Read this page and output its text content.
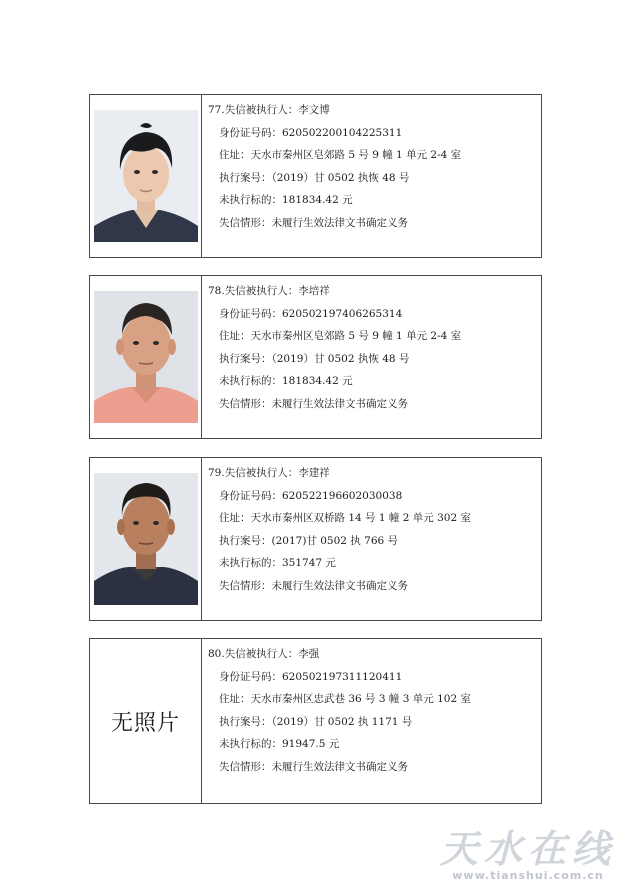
77.失信被执行人：李文博
身份证号码：620502200104225311
住址：天水市秦州区皂郊路 5 号 9 幢 1 单元 2-4 室
执行案号：（2019）甘 0502 执恢 48 号
未执行标的：181834.42 元
失信情形：未履行生效法律文书确定义务
78.失信被执行人：李培祥
身份证号码：620502197406265314
住址：天水市秦州区皂郊路 5 号 9 幢 1 单元 2-4 室
执行案号：（2019）甘 0502 执恢 48 号
未执行标的：181834.42 元
失信情形：未履行生效法律文书确定义务
79.失信被执行人：李建祥
身份证号码：620522196602030038
住址：天水市秦州区双桥路 14 号 1 幢 2 单元 302 室
执行案号：(2017)甘 0502 执 766 号
未执行标的：351747 元
失信情形：未履行生效法律文书确定义务
无照片
80.失信被执行人：李强
身份证号码：620502197311120411
住址：天水市秦州区忠武巷 36 号 3 幢 3 单元 102 室
执行案号：（2019）甘 0502 执 1171 号
未执行标的：91947.5 元
失信情形：未履行生效法律文书确定义务
天水在线
www.tianshui.com.cn
